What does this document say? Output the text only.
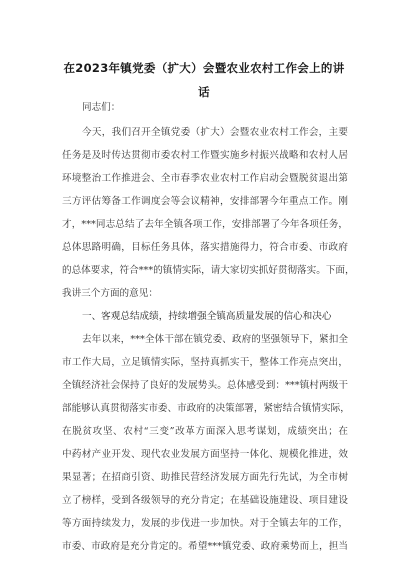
在2023年镇党委（扩大）会暨农业农村工作会上的讲
话
同志们：
今天，我们召开全镇党委（扩大）会暨农业农村工作会，主要
任务是及时传达贯彻市委农村工作暨实施乡村振兴战略和农村人居
环境整治工作推进会、全市春季农业农村工作启动会暨脱贫退出第
三方评估筹备工作调度会等会议精神，安排部署今年重点工作。刚
才，***同志总结了去年全镇各项工作，安排部署了今年各项任务，
总体思路明确，目标任务具体，落实措施得力，符合市委、市政府
的总体要求，符合***的镇情实际，请大家切实抓好贯彻落实。下面，
我讲三个方面的意见：
一、客观总结成绩，持续增强全镇高质量发展的信心和决心
去年以来，***全体干部在镇党委、政府的坚强领导下，紧扣全
市工作大局，立足镇情实际，坚持真抓实干，整体工作亮点突出，
全镇经济社会保持了良好的发展势头。总体感受到：***镇村两级干
部能够认真贯彻落实市委、市政府的决策部署，紧密结合镇情实际，
在脱贫攻坚、农村“三变”改革方面深入思考谋划，成绩突出；在
中药材产业开发、现代农业发展方面坚持一体化、规模化推进，效
果显著；在招商引资、助推民营经济发展方面先行先试，为全市树
立了榜样，受到各级领导的充分肯定；在基础设施建设、项目建设
等方面持续发力，发展的步伐进一步加快。对于全镇去年的工作，
市委、市政府是充分肯定的。希望***镇党委、政府乘势而上，担当
